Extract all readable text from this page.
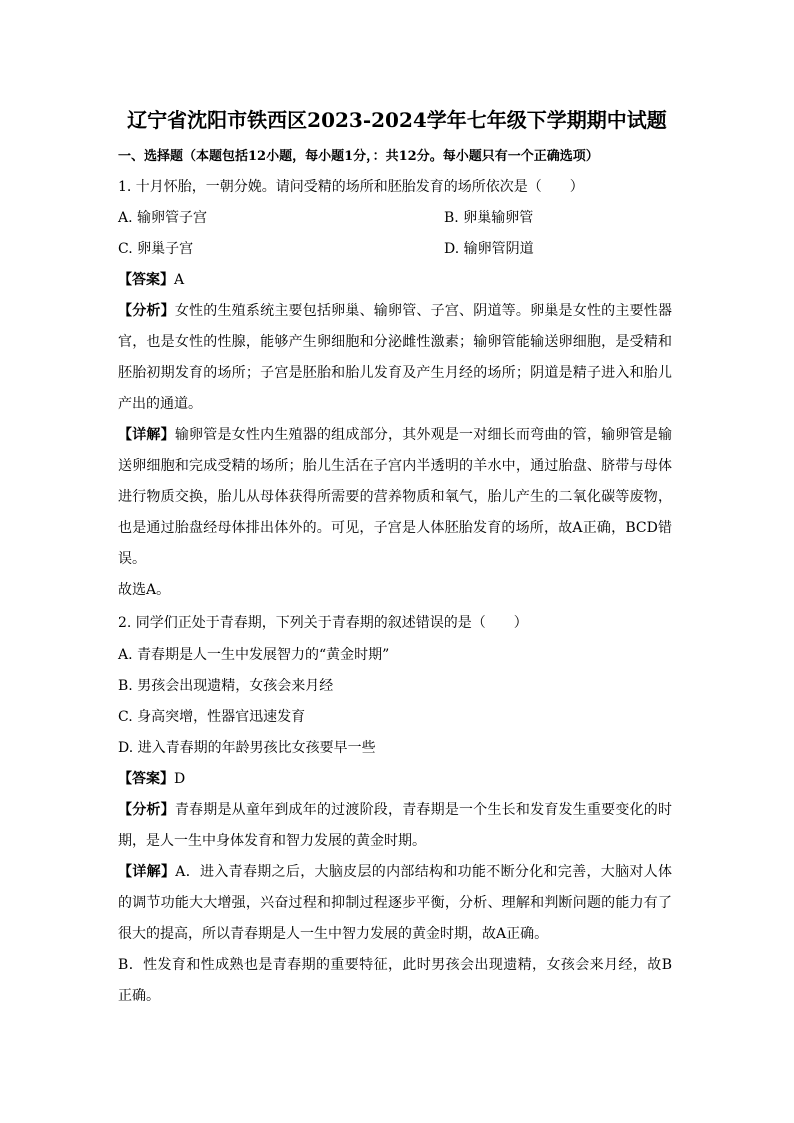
辽宁省沈阳市铁西区2023-2024学年七年级下学期期中试题
一、选择题（本题包括12小题，每小题1分，：共12分。每小题只有一个正确选项）
1. 十月怀胎，一朝分娩。请问受精的场所和胚胎发育的场所依次是（　　）
A. 输卵管子宫	B. 卵巢输卵管
C. 卵巢子宫	D. 输卵管阴道
【答案】A
【分析】女性的生殖系统主要包括卵巢、输卵管、子宫、阴道等。卵巢是女性的主要性器
官，也是女性的性腺，能够产生卵细胞和分泌雌性激素；输卵管能输送卵细胞，是受精和
胚胎初期发育的场所；子宫是胚胎和胎儿发育及产生月经的场所；阴道是精子进入和胎儿
产出的通道。
【详解】输卵管是女性内生殖器的组成部分，其外观是一对细长而弯曲的管，输卵管是输
送卵细胞和完成受精的场所；胎儿生活在子宫内半透明的羊水中，通过胎盘、脐带与母体
进行物质交换，胎儿从母体获得所需要的营养物质和氧气，胎儿产生的二氧化碳等废物，
也是通过胎盘经母体排出体外的。可见，子宫是人体胚胎发育的场所，故A正确，BCD错
误。
故选A。
2. 同学们正处于青春期，下列关于青春期的叙述错误的是（　　）
A. 青春期是人一生中发展智力的“黄金时期”
B. 男孩会出现遗精，女孩会来月经
C. 身高突增，性器官迅速发育
D. 进入青春期的年龄男孩比女孩要早一些
【答案】D
【分析】青春期是从童年到成年的过渡阶段，青春期是一个生长和发育发生重要变化的时
期，是人一生中身体发育和智力发展的黄金时期。
【详解】A．进入青春期之后，大脑皮层的内部结构和功能不断分化和完善，大脑对人体
的调节功能大大增强，兴奋过程和抑制过程逐步平衡，分析、理解和判断问题的能力有了
很大的提高，所以青春期是人一生中智力发展的黄金时期，故A正确。
B．性发育和性成熟也是青春期的重要特征，此时男孩会出现遗精，女孩会来月经，故B
正确。
